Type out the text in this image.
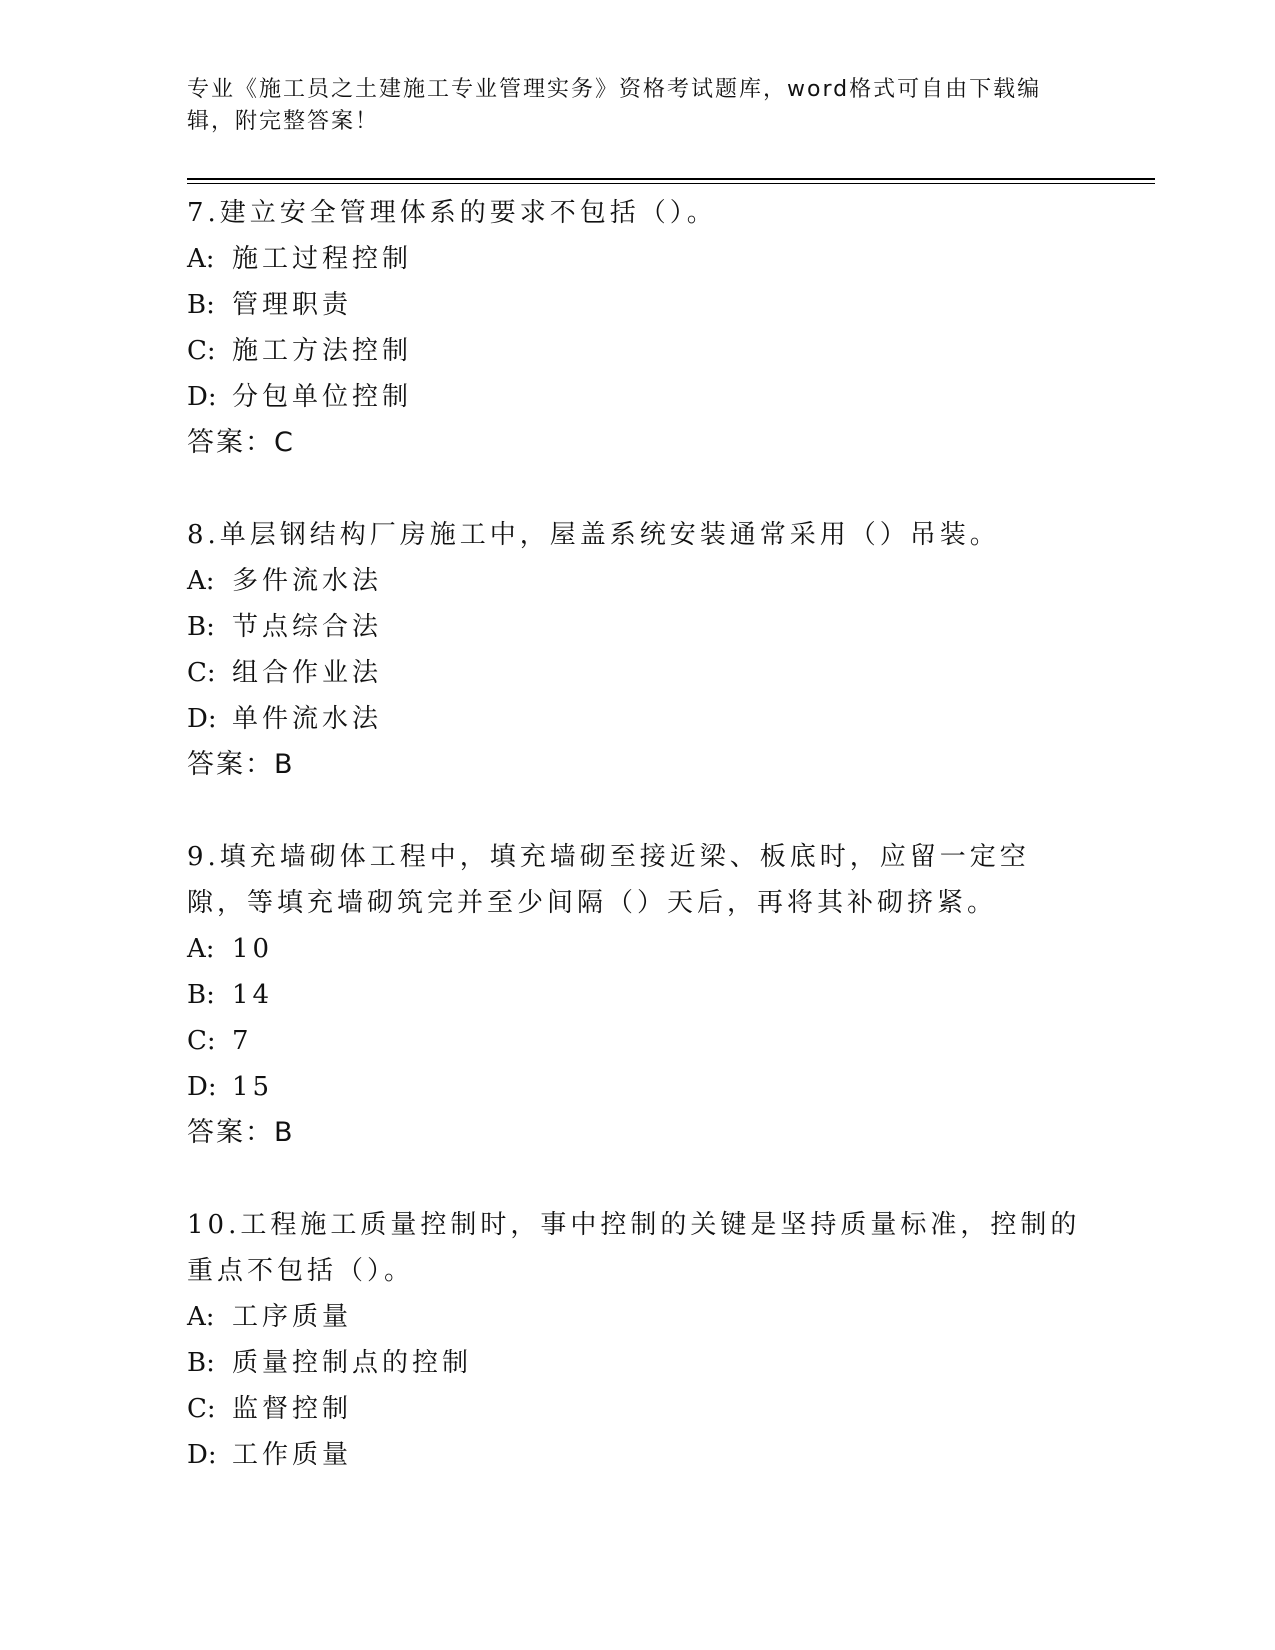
专业《施工员之土建施工专业管理实务》资格考试题库，word格式可自由下载编辑，附完整答案！

7.建立安全管理体系的要求不包括（）。

A: 施工过程控制

B: 管理职责

C: 施工方法控制

D: 分包单位控制

答案：C

8.单层钢结构厂房施工中，屋盖系统安装通常采用（）吊装。

A: 多件流水法

B: 节点综合法

C: 组合作业法

D: 单件流水法

答案：B

9.填充墙砌体工程中，填充墙砌至接近梁、板底时，应留一定空隙，等填充墙砌筑完并至少间隔（）天后，再将其补砌挤紧。

A: 10

B: 14

C: 7

D: 15

答案：B

10.工程施工质量控制时，事中控制的关键是坚持质量标准，控制的重点不包括（）。

A: 工序质量

B: 质量控制点的控制

C: 监督控制

D: 工作质量
